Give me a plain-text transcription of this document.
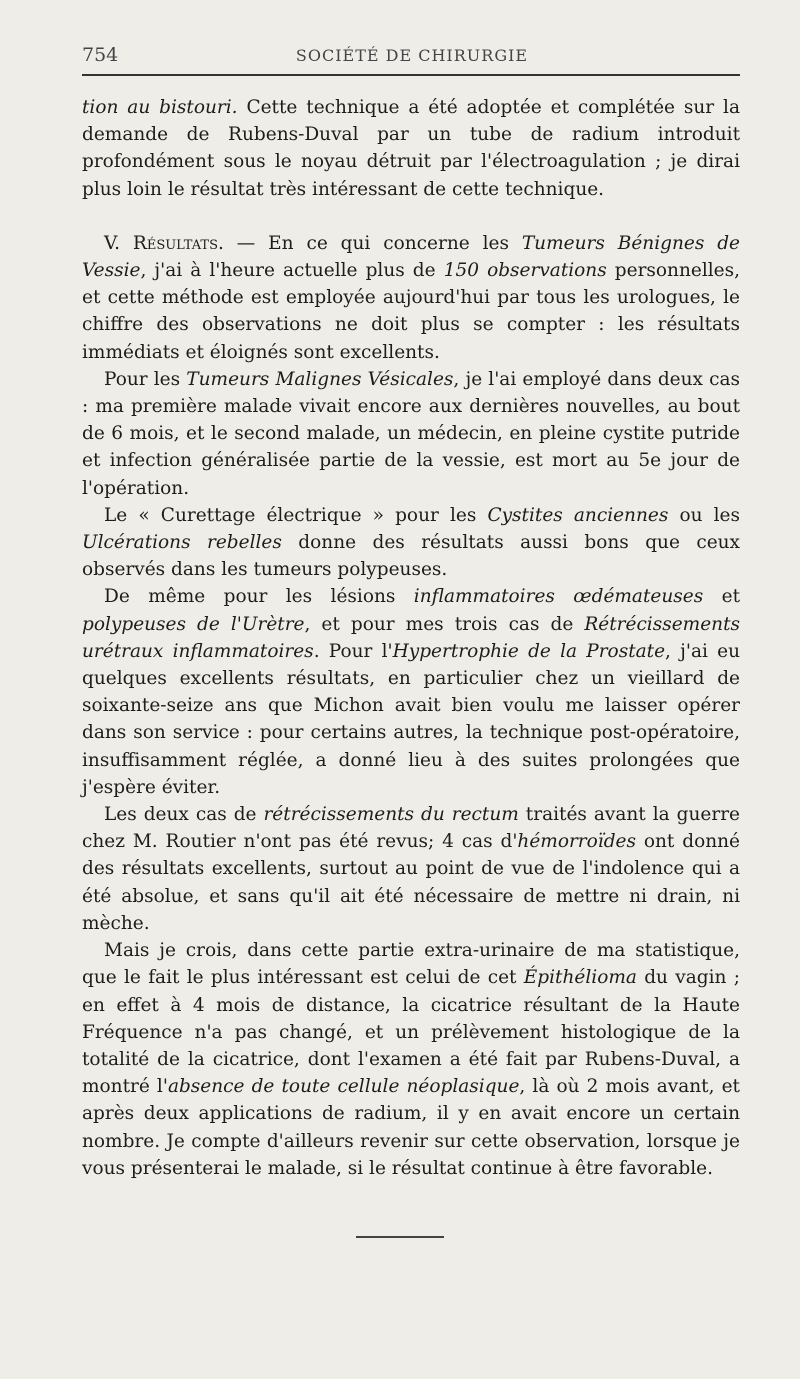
754	SOCIÉTÉ DE CHIRURGIE

tion au bistouri. Cette technique a été adoptée et complétée sur la demande de Rubens-Duval par un tube de radium introduit profondément sous le noyau détruit par l'électroagulation ; je dirai plus loin le résultat très intéressant de cette technique.

V. Résultats. — En ce qui concerne les Tumeurs Bénignes de Vessie, j'ai à l'heure actuelle plus de 150 observations personnelles, et cette méthode est employée aujourd'hui par tous les urologues, le chiffre des observations ne doit plus se compter : les résultats immédiats et éloignés sont excellents.

Pour les Tumeurs Malignes Vésicales, je l'ai employé dans deux cas : ma première malade vivait encore aux dernières nouvelles, au bout de 6 mois, et le second malade, un médecin, en pleine cystite putride et infection généralisée partie de la vessie, est mort au 5e jour de l'opération.

Le « Curettage électrique » pour les Cystites anciennes ou les Ulcérations rebelles donne des résultats aussi bons que ceux observés dans les tumeurs polypeuses.

De même pour les lésions inflammatoires œdémateuses et polypeuses de l'Urètre, et pour mes trois cas de Rétrécissements urétraux inflammatoires. Pour l'Hypertrophie de la Prostate, j'ai eu quelques excellents résultats, en particulier chez un vieillard de soixante-seize ans que Michon avait bien voulu me laisser opérer dans son service : pour certains autres, la technique post-opératoire, insuffisamment réglée, a donné lieu à des suites prolongées que j'espère éviter.

Les deux cas de rétrécissements du rectum traités avant la guerre chez M. Routier n'ont pas été revus; 4 cas d'hémorroïdes ont donné des résultats excellents, surtout au point de vue de l'indolence qui a été absolue, et sans qu'il ait été nécessaire de mettre ni drain, ni mèche.

Mais je crois, dans cette partie extra-urinaire de ma statistique, que le fait le plus intéressant est celui de cet Épithélioma du vagin ; en effet à 4 mois de distance, la cicatrice résultant de la Haute Fréquence n'a pas changé, et un prélèvement histologique de la totalité de la cicatrice, dont l'examen a été fait par Rubens-Duval, a montré l'absence de toute cellule néoplasique, là où 2 mois avant, et après deux applications de radium, il y en avait encore un certain nombre. Je compte d'ailleurs revenir sur cette observation, lorsque je vous présenterai le malade, si le résultat continue à être favorable.
